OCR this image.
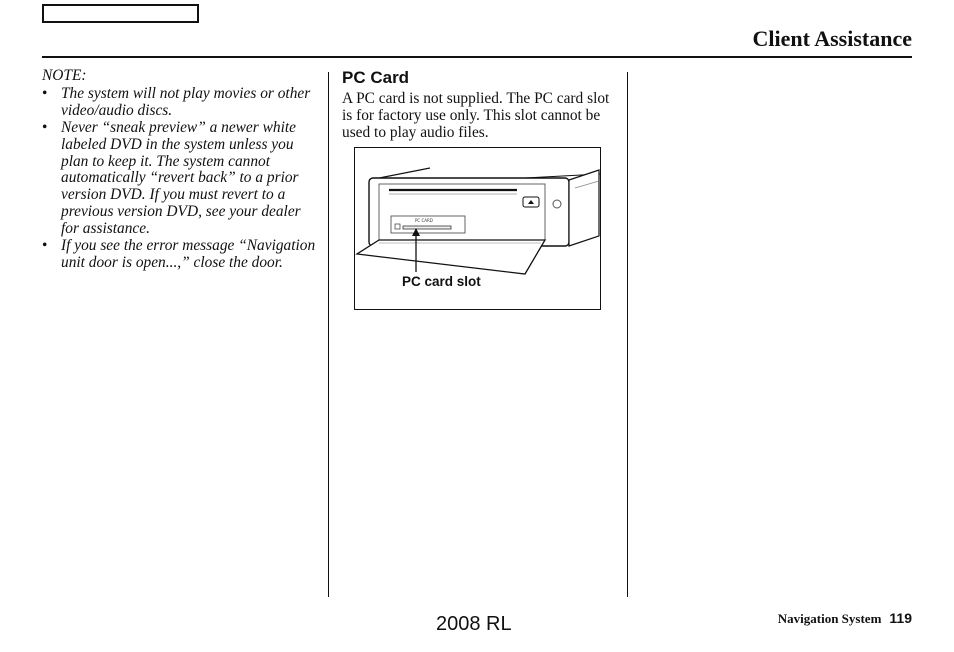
Client Assistance
NOTE:
• The system will not play movies or other video/audio discs.
• Never “sneak preview” a newer white labeled DVD in the system unless you plan to keep it. The system cannot automatically “revert back” to a prior version DVD. If you must revert to a previous version DVD, see your dealer for assistance.
• If you see the error message “Navigation unit door is open...,” close the door.
PC Card
A PC card is not supplied. The PC card slot is for factory use only. This slot cannot be used to play audio files.
PC CARD
PC card slot
2008 RL	Navigation System 119
